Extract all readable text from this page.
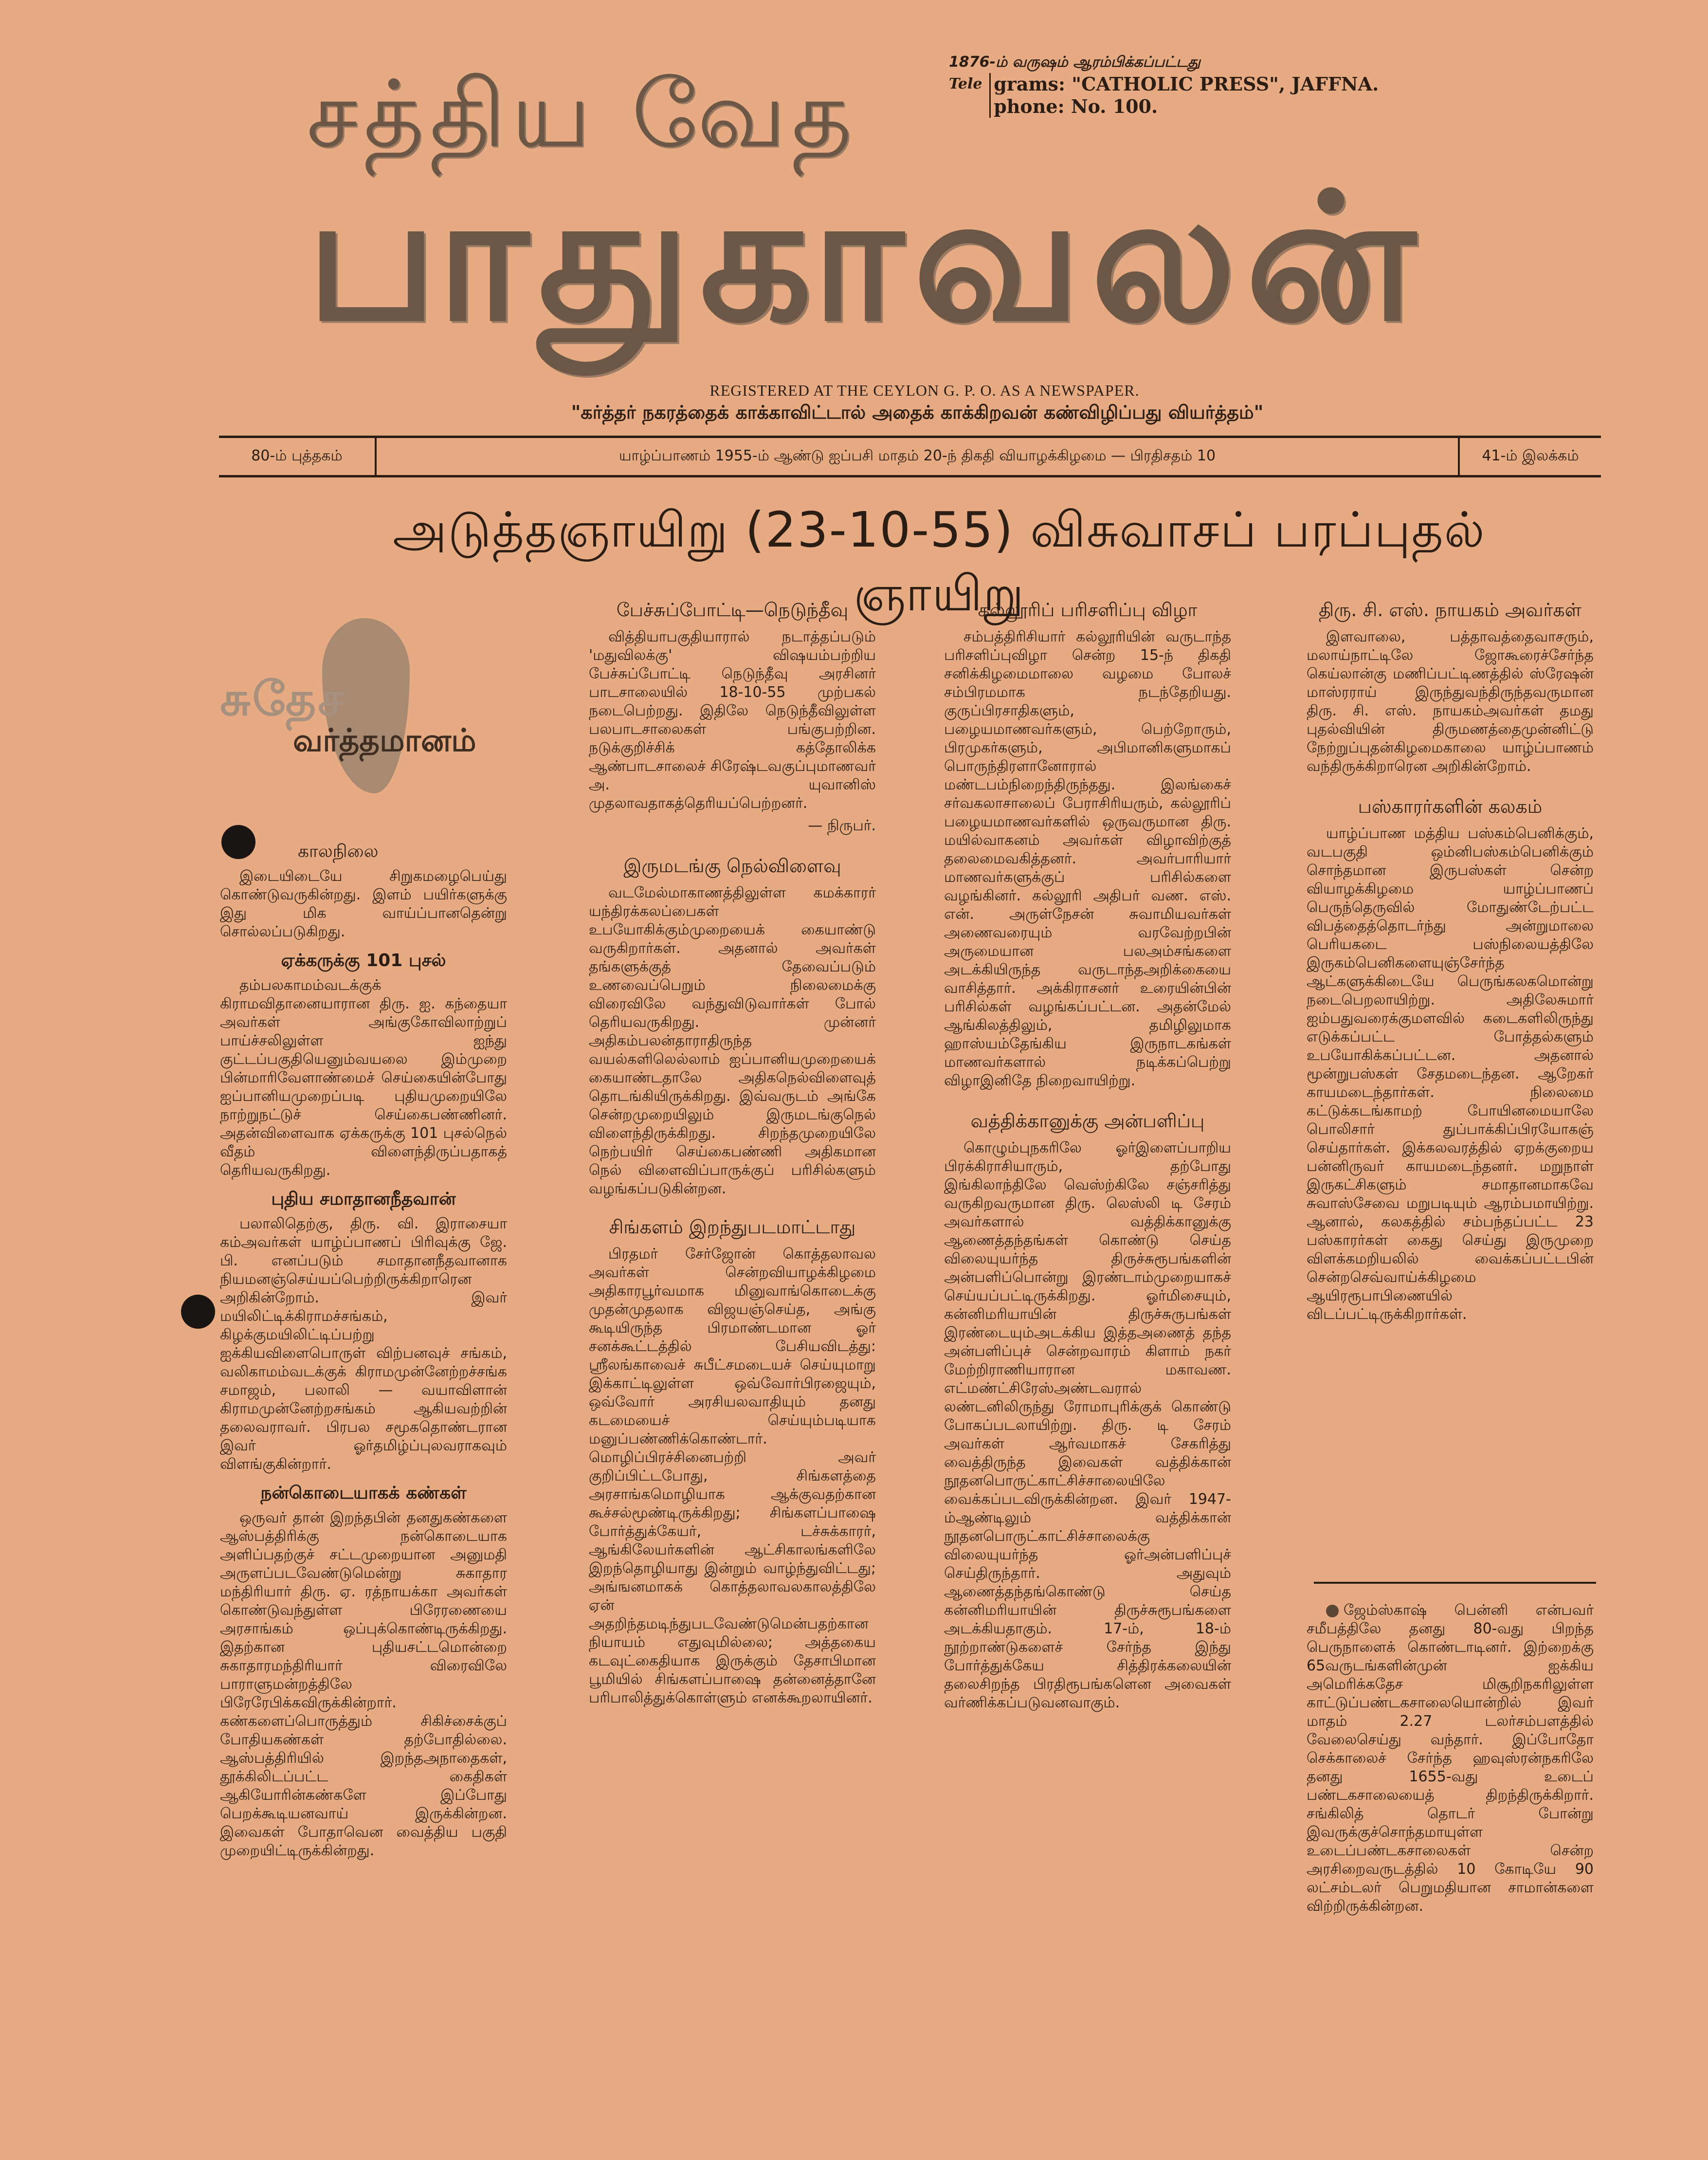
சத்திய வேத
பாதுகாவலன்
1876-ம் வருஷம் ஆரம்பிக்கப்பட்டது
Tele grams: "CATHOLIC PRESS", JAFFNA.
phone: No. 100.
REGISTERED AT THE CEYLON G. P. O. AS A NEWSPAPER.
"கர்த்தர் நகரத்தைக் காக்காவிட்டால் அதைக் காக்கிறவன் கண்விழிப்பது வியர்த்தம்"
80-ம் புத்தகம்	யாழ்ப்பாணம் 1955-ம் ஆண்டு ஐப்பசி மாதம் 20-ந் திகதி வியாழக்கிழமை — பிரதிசதம் 10	41-ம் இலக்கம்
அடுத்தஞாயிறு (23-10-55) விசுவாசப் பரப்புதல் ஞாயிறு
சுதேச
வர்த்தமானம்
காலநிலை

இடையிடையே சிறுகமழைபெய்து கொண்டுவருகின்றது. இளம் பயிர்களுக்கு இது மிக வாய்ப்பானதென்று சொல்லப்படுகிறது.

ஏக்கருக்கு 101 புசல்

தம்பலகாமம்வடக்குக் கிராமவிதானையாரான திரு. ஐ. கந்தையா அவர்கள் அங்குகோவிலாற்றுப் பாய்ச்சலிலுள்ள ஐந்து குட்டப்பகுதியெனும்வயலை இம்முறை பின்மாரிவேளாண்மைச் செய்கையின்போது ஐப்பானியமுறைப்படி புதியமுறையிலே நாற்றுநட்டுச் செய்கைபண்ணினர். அதன்விளைவாக ஏக்கருக்கு 101 புசல்நெல் வீதம் விளைந்திருப்பதாகத் தெரியவருகிறது.

புதிய சமாதானநீதவான்

பலாலிதெற்கு, திரு. வி. இராசையா கம்அவர்கள் யாழ்ப்பாணப் பிரிவுக்கு ஜே. பி. எனப்படும் சமாதானநீதவானாக நியமனஞ்செய்யப்பெற்றிருக்கிறாரென அறிகின்றோம். இவர் மயிலிட்டிக்கிராமச்சங்கம், கிழக்குமயிலிட்டிப்பற்று ஐக்கியவிளைபொருள் விற்பனவுச் சங்கம், வலிகாமம்வடக்குக் கிராமமுன்னேற்றச்சங்க சமாஜம், பலாலி — வயாவிளான் கிராமமுன்னேற்றசங்கம் ஆகியவற்றின் தலைவராவர். பிரபல சமூகதொண்டரான இவர் ஓர்தமிழ்ப்புலவராகவும் விளங்குகின்றார்.

நன்கொடையாகக் கண்கள்

ஒருவர் தான் இறந்தபின் தனதுகண்களை ஆஸ்பத்திரிக்கு நன்கொடையாக அளிப்பதற்குச் சட்டமுறையான அனுமதி அருளப்படவேண்டுமென்று சுகாதார மந்திரியார் திரு. ஏ. ரத்நாயக்கா அவர்கள் கொண்டுவந்துள்ள பிரேரணையை அரசாங்கம் ஒப்புக்கொண்டிருக்கிறது. இதற்கான புதியசட்டமொன்றை சுகாதாரமந்திரியார் விரைவிலே பாராளுமன்றத்திலே பிரேரேபிக்கவிருக்கின்றார். கண்களைப்பொருத்தும் சிகிச்சைக்குப் போதியகண்கள் தற்போதில்லை. ஆஸ்பத்திரியில் இறந்தஅநாதைகள், தூக்கிலிடப்பட்ட கைதிகள் ஆகியோரின்கண்களே இப்போது பெறக்கூடியனவாய் இருக்கின்றன. இவைகள் போதாவென வைத்திய பகுதி முறையிட்டிருக்கின்றது.

பேச்சுப்போட்டி—நெடுந்தீவு

வித்தியாபகுதியாரால் நடாத்தப்படும் 'மதுவிலக்கு' விஷயம்பற்றிய பேச்சுப்போட்டி நெடுந்தீவு அரசினர் பாடசாலையில் 18-10-55 முற்பகல் நடைபெற்றது. இதிலே நெடுந்தீவிலுள்ள பலபாடசாலைகள் பங்குபற்றின. நடுக்குறிச்சிக் கத்தோலிக்க ஆண்பாடசாலைச் சிரேஷ்டவகுப்புமாணவர் அ. யுவானிஸ் முதலாவதாகத்தெரியப்பெற்றனர்.

— நிருபர்.

இருமடங்கு நெல்விளைவு

வடமேல்மாகாணத்திலுள்ள கமக்காரர் யந்திரக்கலப்பைகள் உபயோகிக்கும்முறையைக் கையாண்டு வருகிறார்கள். அதனால் அவர்கள் தங்களுக்குத் தேவைப்படும் உணவைப்பெறும் நிலைமைக்கு விரைவிலே வந்துவிடுவார்கள் போல் தெரியவருகிறது. முன்னர் அதிகம்பலன்தாராதிருந்த வயல்களிலெல்லாம் ஐப்பானியமுறையைக் கையாண்டதாலே அதிகநெல்விளைவுத் தொடங்கியிருக்கிறது. இவ்வருடம் அங்கே சென்றமுறையிலும் இருமடங்குநெல் விளைந்திருக்கிறது. சிறந்தமுறையிலே நெற்பயிர் செய்கைபண்ணி அதிகமான நெல் விளைவிப்பாருக்குப் பரிசில்களும் வழங்கப்படுகின்றன.

சிங்களம் இறந்துபடமாட்டாது

பிரதமர் சேர்ஜோன் கொத்தலாவல அவர்கள் சென்றவியாழக்கிழமை அதிகாரபூர்வமாக மினுவாங்கொடைக்கு முதன்முதலாக விஜயஞ்செய்த, அங்கு கூடியிருந்த பிரமாண்டமான ஓர் சனக்கூட்டத்தில் பேசியவிடத்து: ஸ்ரீலங்காவைச் சுபீட்சமடையச் செய்யுமாறு இக்காட்டிலுள்ள ஒவ்வோர்பிரஜையும், ஒவ்வோர் அரசியலவாதியும் தனது கடமையைச் செய்யும்படியாக மனுப்பண்ணிக்கொண்டார். மொழிப்பிரச்சினைபற்றி அவர் குறிப்பிட்டபோது, சிங்களத்தை அரசாங்கமொழியாக ஆக்குவதற்கான கூச்சல்மூண்டிருக்கிறது; சிங்களப்பாஷை போர்த்துக்கேயர், டச்சுக்காரர், ஆங்கிலேயர்களின் ஆட்சிகாலங்களிலே இறந்தொழியாது இன்றும் வாழ்ந்துவிட்டது; அங்ஙனமாகக் கொத்தலாவலகாலத்திலே ஏன் அதறிந்தமடிந்துபடவேண்டுமென்பதற்கான நியாயம் எதுவுமில்லை; அத்தகைய கடவுட்கைதியாக இருக்கும் தேசாபிமான பூமியில் சிங்களப்பாஷை தன்னைத்தானே பரிபாலித்துக்கொள்ளும் எனக்கூறலாயினர்.

கல்லூரிப் பரிசளிப்பு விழா

சம்பத்திரிசியார் கல்லூரியின் வருடாந்த பரிசளிப்புவிழா சென்ற 15-ந் திகதி சனிக்கிழமைமாலை வழமை போலச் சம்பிரமமாக நடந்தேறியது. குருப்பிரசாதிகளும், பழையமாணவர்களும், பெற்றோரும், பிரமுகர்களும், அபிமானிகளுமாகப் பொருந்திரளானோரால் மண்டபம்நிறைந்திருந்தது. இலங்கைச் சர்வகலாசாலைப் பேராசிரியரும், கல்லூரிப் பழையமாணவர்களில் ஒருவருமான திரு. மயில்வாகனம் அவர்கள் விழாவிற்குத் தலைமைவகித்தனர். அவர்பாரியார் மாணவர்களுக்குப் பரிசில்களை வழங்கினர். கல்லூரி அதிபர் வண. எஸ். என். அருள்நேசன் சுவாமியவர்கள் அணைவரையும் வரவேற்றபின் அருமையான பலஅம்சங்களை அடக்கியிருந்த வருடாந்தஅறிக்கையை வாசித்தார். அக்கிராசனர் உரையின்பின் பரிசில்கள் வழங்கப்பட்டன. அதன்மேல் ஆங்கிலத்திலும், தமிழிலுமாக ஹாஸ்யம்தேங்கிய இருநாடகங்கள் மாணவர்களால் நடிக்கப்பெற்று விழாஇனிதே நிறைவாயிற்று.

வத்திக்கானுக்கு அன்பளிப்பு

கொழும்புநகரிலே ஓர்இளைப்பாறிய பிரக்கிராசியாரும், தற்போது இங்கிலாந்திலே வெஸ்ற்கிலே சஞ்சரித்து வருகிறவருமான திரு. லெஸ்லி டி சேரம் அவர்களால் வத்திக்கானுக்கு ஆணைத்தந்தங்கள் கொண்டு செய்த விலையுயர்ந்த திருச்சுரூபங்களின் அன்பளிப்பொன்று இரண்டாம்முறையாகச் செய்யப்பட்டிருக்கிறது. ஓர்மிசையும், கன்னிமரியாயின் திருச்சுருபங்கள் இரண்டையும்அடக்கிய இத்தஅணைத் தந்த அன்பளிப்புச் சென்றவாரம் கிளாம் நகர் மேற்றிராணியாரான மகாவண. எட்மண்ட்சிரேஸ்அண்டவரால் லண்டனிலிருந்து ரோமாபுரிக்குக் கொண்டு போகப்படலாயிற்று. திரு. டி சேரம் அவர்கள் ஆர்வமாகச் சேகரித்து வைத்திருந்த இவைகள் வத்திக்கான் நூதனபொருட்காட்சிச்சாலையிலே வைக்கப்படவிருக்கின்றன. இவர் 1947-ம்ஆண்டிலும் வத்திக்கான் நூதனபொருட்காட்சிச்சாலைக்கு விலையுயர்ந்த ஓர்அன்பளிப்புச் செய்திருந்தார். அதுவும் ஆணைத்தந்தங்கொண்டு செய்த கன்னிமரியாயின் திருச்சுரூபங்களை அடக்கியதாகும். 17-ம், 18-ம் நூற்றாண்டுகளைச் சேர்ந்த இந்து போர்த்துக்கேய சித்திரக்கலையின் தலைசிறந்த பிரதிரூபங்களென அவைகள் வர்ணிக்கப்படுவனவாகும்.

திரு. சி. எஸ். நாயகம் அவர்கள்

இளவாலை, பத்தாவத்தைவாசரும், மலாய்நாட்டிலே ஜோகூரைச்சேர்ந்த கெய்லான்கு மணிப்பட்டிணத்தில் ஸ்ரேஷன் மாஸ்ரராய் இருந்துவந்திருந்தவருமான திரு. சி. எஸ். நாயகம்அவர்கள் தமது புதல்வியின் திருமணத்தைமுன்னிட்டு நேற்றுப்புதன்கிழமைகாலை யாழ்ப்பாணம் வந்திருக்கிறாரென அறிகின்றோம்.

பஸ்காரர்களின் கலகம்

யாழ்ப்பாண மத்திய பஸ்கம்பெனிக்கும், வடபகுதி ஒம்னிபஸ்கம்பெனிக்கும் சொந்தமான இருபஸ்கள் சென்ற வியாழக்கிழமை யாழ்ப்பாணப் பெருந்தெருவில் மோதுண்டேற்பட்ட விபத்தைத்தொடர்ந்து அன்றுமாலை பெரியகடை பஸ்நிலையத்திலே இருகம்பெனிகளையுஞ்சேர்ந்த ஆட்களுக்கிடையே பெருங்கலகமொன்று நடைபெறலாயிற்று. அதிலேசுமார் ஐம்பதுவரைக்குமளவில் கடைகளிலிருந்து எடுக்கப்பட்ட போத்தல்களும் உபயோகிக்கப்பட்டன. அதனால் மூன்றுபஸ்கள் சேதமடைந்தன. ஆறேகர் காயமடைந்தார்கள். நிலைமை கட்டுக்கடங்காமற் போயினமையாலே பொலிசார் துப்பாக்கிப்பிரயோகஞ் செய்தார்கள். இக்கலவரத்தில் ஏறக்குறைய பன்னிருவர் காயமடைந்தனர். மறுநாள் இருகட்சிகளும் சமாதானமாகவே சுவாஸ்சேவை மறுபடியும் ஆரம்பமாயிற்று. ஆனால், கலகத்தில் சம்பந்தப்பட்ட 23 பஸ்காரர்கள் கைது செய்து இருமுறை விளக்கமறியலில் வைக்கப்பட்டபின் சென்றசெவ்வாய்க்கிழமை ஆயிரரூபாபிணையில் விடப்பட்டிருக்கிறார்கள்.

ஜேம்ஸ்காஷ் பென்னி என்பவர் சமீபத்திலே தனது 80-வது பிறந்த பெருநாளைக் கொண்டாடினர். இற்றைக்கு 65வருடங்களின்முன் ஐக்கிய அமெரிக்கதேச மிசூறிநகரிலுள்ள காட்டுப்பண்டகசாலையொன்றில் இவர் மாதம் 2.27 டலர்சம்பளத்தில் வேலைசெய்து வந்தார். இப்போதோ செக்காலைச் சேர்ந்த ஹவுஸ்ரன்நகரிலே தனது 1655-வது உடைப் பண்டகசாலையைத் திறந்திருக்கிறார். சங்கிலித் தொடர் போன்று இவருக்குச்சொந்தமாயுள்ள உடைப்பண்டகசாலைகள் சென்ற அரசிறைவருடத்தில் 10 கோடியே 90 லட்சம்டலர் பெறுமதியான சாமான்களை விற்றிருக்கின்றன.
